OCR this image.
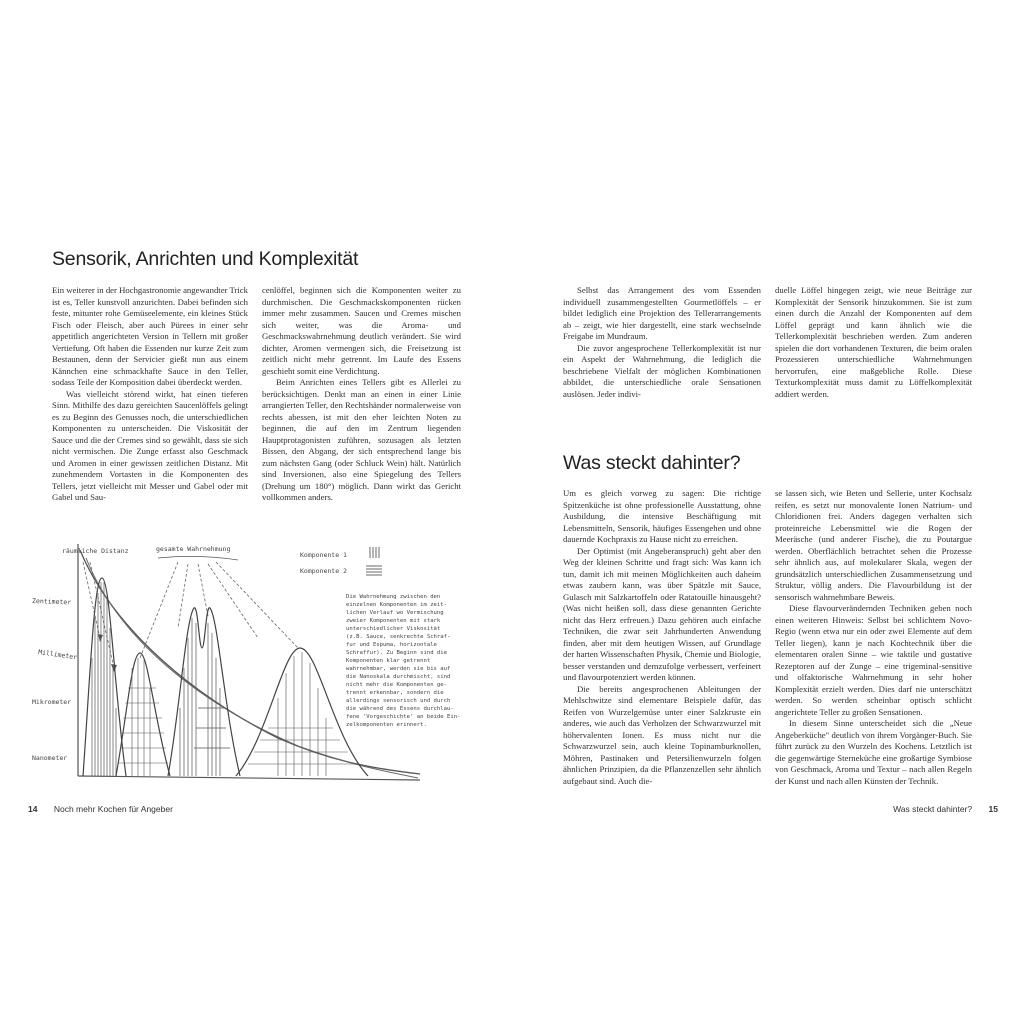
Sensorik, Anrichten und Komplexität

Ein weiterer in der Hochgastronomie angewandter Trick ist es, Teller kunstvoll anzurichten. Dabei befinden sich feste, mitunter rohe Gemüseelemente, ein kleines Stück Fisch oder Fleisch, aber auch Pürees in einer sehr appetitlich angerichteten Version in Tellern mit großer Vertiefung. Oft haben die Essenden nur kurze Zeit zum Bestaunen, denn der Servicier gießt nun aus einem Kännchen eine schmackhafte Sauce in den Teller, sodass Teile der Komposition dabei überdeckt werden.

Was vielleicht störend wirkt, hat einen tieferen Sinn. Mithilfe des dazu gereichten Saucenlöffels gelingt es zu Beginn des Genusses noch, die unterschiedlichen Komponenten zu unterscheiden. Die Viskosität der Sauce und die der Cremes sind so gewählt, dass sie sich nicht vermischen. Die Zunge erfasst also Geschmack und Aromen in einer gewissen zeitlichen Distanz. Mit zunehmendem Vortasten in die Komponenten des Tellers, jetzt vielleicht mit Messer und Gabel oder mit Gabel und Sau-

cenlöffel, beginnen sich die Komponenten weiter zu durchmischen. Die Geschmackskomponenten rücken immer mehr zusammen. Saucen und Cremes mischen sich weiter, was die Aroma- und Geschmackswahrnehmung deutlich verändert. Sie wird dichter, Aromen vermengen sich, die Freisetzung ist zeitlich nicht mehr getrennt. Im Laufe des Essens geschieht somit eine Verdichtung.

Beim Anrichten eines Tellers gibt es Allerlei zu berücksichtigen. Denkt man an einen in einer Linie arrangierten Teller, den Rechtshänder normalerweise von rechts abessen, ist mit den eher leichten Noten zu beginnen, die auf den im Zentrum liegenden Hauptprotagonisten zuführen, sozusagen als letzten Bissen, den Abgang, der sich entsprechend lange bis zum nächsten Gang (oder Schluck Wein) hält. Natürlich sind Inversionen, also eine Spiegelung des Tellers (Drehung um 180°) möglich. Dann wirkt das Gericht vollkommen anders.

Zentimeter
Millimeter
Mikrometer
Nanometer
räumliche Distanz	gesamte Wahrnehmung
Komponente 1
Komponente 2
Die Wahrnehmung zwischen den einzelnen Komponenten im zeit- lichen Verlauf wo Vermischung zweier Komponenten mit stark unterschiedlicher Viskosität (z.B. Sauce, senkrechte Schraf- fur und Espuma, horizontale Schraffur). Zu Beginn sind die Komponenten klar getrennt wahrnehmbar, werden sie bis auf die Nanoskala durchmischt, sind nicht mehr die Komponenten ge- trennt erkennbar, sondern die allerdings sensorisch und durch die während des Essens durchlau- fene 'Vorgeschichte' an beide Ein- zelkomponenten erinnert.
14 Noch mehr Kochen für Angeber

Selbst das Arrangement des vom Essenden individuell zusammengestellten Gourmetlöffels – er bildet lediglich eine Projektion des Tellerarrangements ab – zeigt, wie hier dargestellt, eine stark wechselnde Freigabe im Mundraum.

Die zuvor angesprochene Tellerkomplexität ist nur ein Aspekt der Wahrnehmung, die lediglich die beschriebene Vielfalt der möglichen Kombinationen abbildet, die unterschiedliche orale Sensationen auslösen. Jeder indivi-

duelle Löffel hingegen zeigt, wie neue Beiträge zur Komplexität der Sensorik hinzukommen. Sie ist zum einen durch die Anzahl der Komponenten auf dem Löffel geprägt und kann ähnlich wie die Tellerkomplexität beschrieben werden. Zum anderen spielen die dort vorhandenen Texturen, die beim oralen Prozessieren unterschiedliche Wahrnehmungen hervorrufen, eine maßgebliche Rolle. Diese Texturkomplexität muss damit zu Löffelkomplexität addiert werden.

Was steckt dahinter?

Um es gleich vorweg zu sagen: Die richtige Spitzenküche ist ohne professionelle Ausstattung, ohne Ausbildung, die intensive Beschäftigung mit Lebensmitteln, Sensorik, häufiges Essengehen und ohne dauernde Kochpraxis zu Hause nicht zu erreichen.

Der Optimist (mit Angeberanspruch) geht aber den Weg der kleinen Schritte und fragt sich: Was kann ich tun, damit ich mit meinen Möglichkeiten auch daheim etwas zaubern kann, was über Spätzle mit Sauce, Gulasch mit Salzkartoffeln oder Ratatouille hinausgeht? (Was nicht heißen soll, dass diese genannten Gerichte nicht das Herz erfreuen.) Dazu gehören auch einfache Techniken, die zwar seit Jahrhunderten Anwendung finden, aber mit dem heutigen Wissen, auf Grundlage der harten Wissenschaften Physik, Chemie und Biologie, besser verstanden und demzufolge verbessert, verfeinert und flavourpotenziert werden können.

Die bereits angesprochenen Ableitungen der Mehlschwitze sind elementare Beispiele dafür, das Reifen von Wurzelgemüse unter einer Salzkruste ein anderes, wie auch das Verholzen der Schwarzwurzel mit höhervalenten Ionen. Es muss nicht nur die Schwarzwurzel sein, auch kleine Topinamburknollen, Möhren, Pastinaken und Petersilienwurzeln folgen ähnlichen Prinzipien, da die Pflanzenzellen sehr ähnlich aufgebaut sind. Auch die-

se lassen sich, wie Beten und Sellerie, unter Kochsalz reifen, es setzt nur monovalente Ionen Natrium- und Chloridionen frei. Anders dagegen verhalten sich proteinreiche Lebensmittel wie die Rogen der Meeräsche (und anderer Fische), die zu Poutargue werden. Oberflächlich betrachtet sehen die Prozesse sehr ähnlich aus, auf molekularer Skala, wegen der grundsätzlich unterschiedlichen Zusammensetzung und Struktur, völlig anders. Die Flavourbildung ist der sensorisch wahrnehmbare Beweis.

Diese flavourverändernden Techniken geben noch einen weiteren Hinweis: Selbst bei schlichtem Novo-Regio (wenn etwa nur ein oder zwei Elemente auf dem Teller liegen), kann je nach Kochtechnik über die elementaren oralen Sinne – wie taktile und gustative Rezeptoren auf der Zunge – eine trigeminal-sensitive und olfaktorische Wahrnehmung in sehr hoher Komplexität erzielt werden. Dies darf nie unterschätzt werden. So werden scheinbar optisch schlicht angerichtete Teller zu großen Sensationen.

In diesem Sinne unterscheidet sich die „Neue Angeberküche" deutlich von ihrem Vorgänger-Buch. Sie führt zurück zu den Wurzeln des Kochens. Letztlich ist die gegenwärtige Sterneküche eine großartige Symbiose von Geschmack, Aroma und Textur – nach allen Regeln der Kunst und nach allen Künsten der Technik.

Was steckt dahinter? 15
